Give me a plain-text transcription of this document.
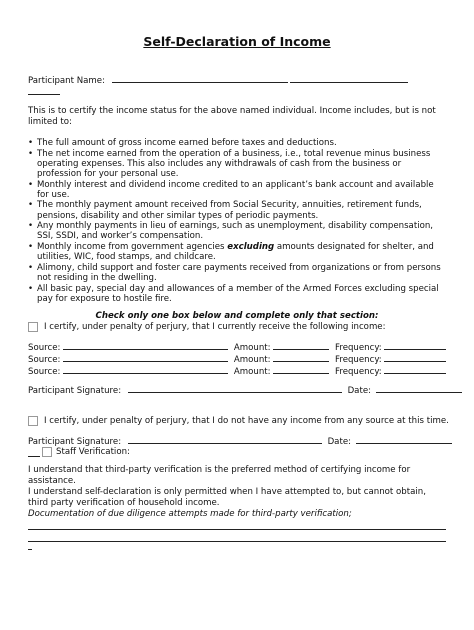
Self-Declaration of Income
Participant Name:
This is to certify the income status for the above named individual. Income includes, but is not limited to:
• The full amount of gross income earned before taxes and deductions.
• The net income earned from the operation of a business, i.e., total revenue minus business operating expenses. This also includes any withdrawals of cash from the business or profession for your personal use.
• Monthly interest and dividend income credited to an applicant’s bank account and available for use.
• The monthly payment amount received from Social Security, annuities, retirement funds, pensions, disability and other similar types of periodic payments.
• Any monthly payments in lieu of earnings, such as unemployment, disability compensation, SSI, SSDI, and worker’s compensation.
• Monthly income from government agencies excluding amounts designated for shelter, and utilities, WIC, food stamps, and childcare.
• Alimony, child support and foster care payments received from organizations or from persons not residing in the dwelling.
• All basic pay, special day and allowances of a member of the Armed Forces excluding special pay for exposure to hostile fire.
Check only one box below and complete only that section:
I certify, under penalty of perjury, that I currently receive the following income:
Source:	Amount:	Frequency:
Source:	Amount:	Frequency:
Source:	Amount:	Frequency:
Participant Signature:	Date:
I certify, under penalty of perjury, that I do not have any income from any source at this time.
Participant Signature:	Date:
Staff Verification:
I understand that third-party verification is the preferred method of certifying income for assistance.
I understand self-declaration is only permitted when I have attempted to, but cannot obtain, third party verification of household income.
Documentation of due diligence attempts made for third-party verification;
